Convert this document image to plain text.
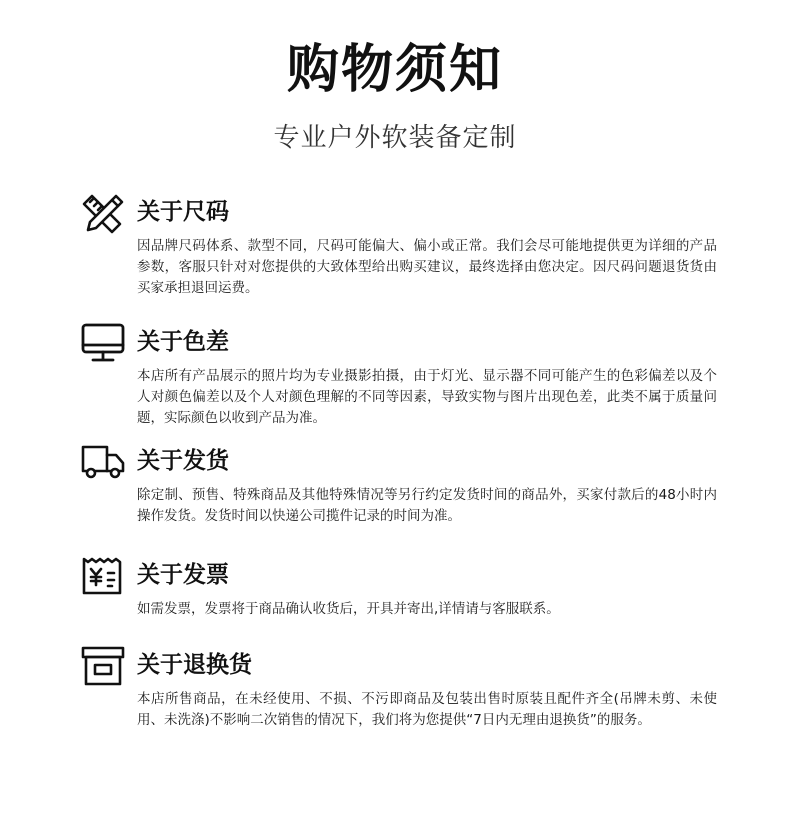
购物须知
专业户外软装备定制
关于尺码
因品牌尺码体系、款型不同，尺码可能偏大、偏小或正常。我们会尽可能地提供更为详细的产品参数，客服只针对对您提供的大致体型给出购买建议，最终选择由您决定。因尺码问题退货货由买家承担退回运费。
关于色差
本店所有产品展示的照片均为专业摄影拍摄，由于灯光、显示器不同可能产生的色彩偏差以及个人对颜色偏差以及个人对颜色理解的不同等因素，导致实物与图片出现色差，此类不属于质量问题，实际颜色以收到产品为准。
关于发货
除定制、预售、特殊商品及其他特殊情况等另行约定发货时间的商品外，买家付款后的48小时内操作发货。发货时间以快递公司揽件记录的时间为准。
关于发票
如需发票，发票将于商品确认收货后，开具并寄出,详情请与客服联系。
关于退换货
本店所售商品，在未经使用、不损、不污即商品及包装出售时原装且配件齐全(吊牌未剪、未使用、未洗涤)不影响二次销售的情况下，我们将为您提供“7日内无理由退换货”的服务。
